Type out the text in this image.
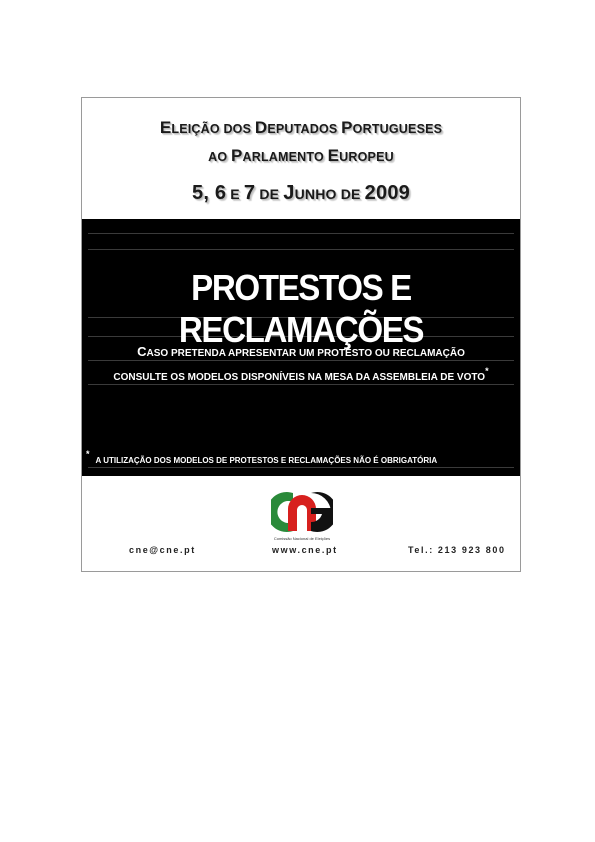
ELEIÇÃO DOS DEPUTADOS PORTUGUESES
AO PARLAMENTO EUROPEU
5, 6 E 7 DE JUNHO DE 2009
PROTESTOS E RECLAMAÇÕES
CASO PRETENDA APRESENTAR UM PROTESTO OU RECLAMAÇÃO
CONSULTE OS MODELOS DISPONÍVEIS NA MESA DA ASSEMBLEIA DE VOTO*
*A UTILIZAÇÃO DOS MODELOS DE PROTESTOS E RECLAMAÇÕES NÃO É OBRIGATÓRIA
Comissão Nacional de Eleições
cne@cne.pt	www.cne.pt	Tel.: 213 923 800
